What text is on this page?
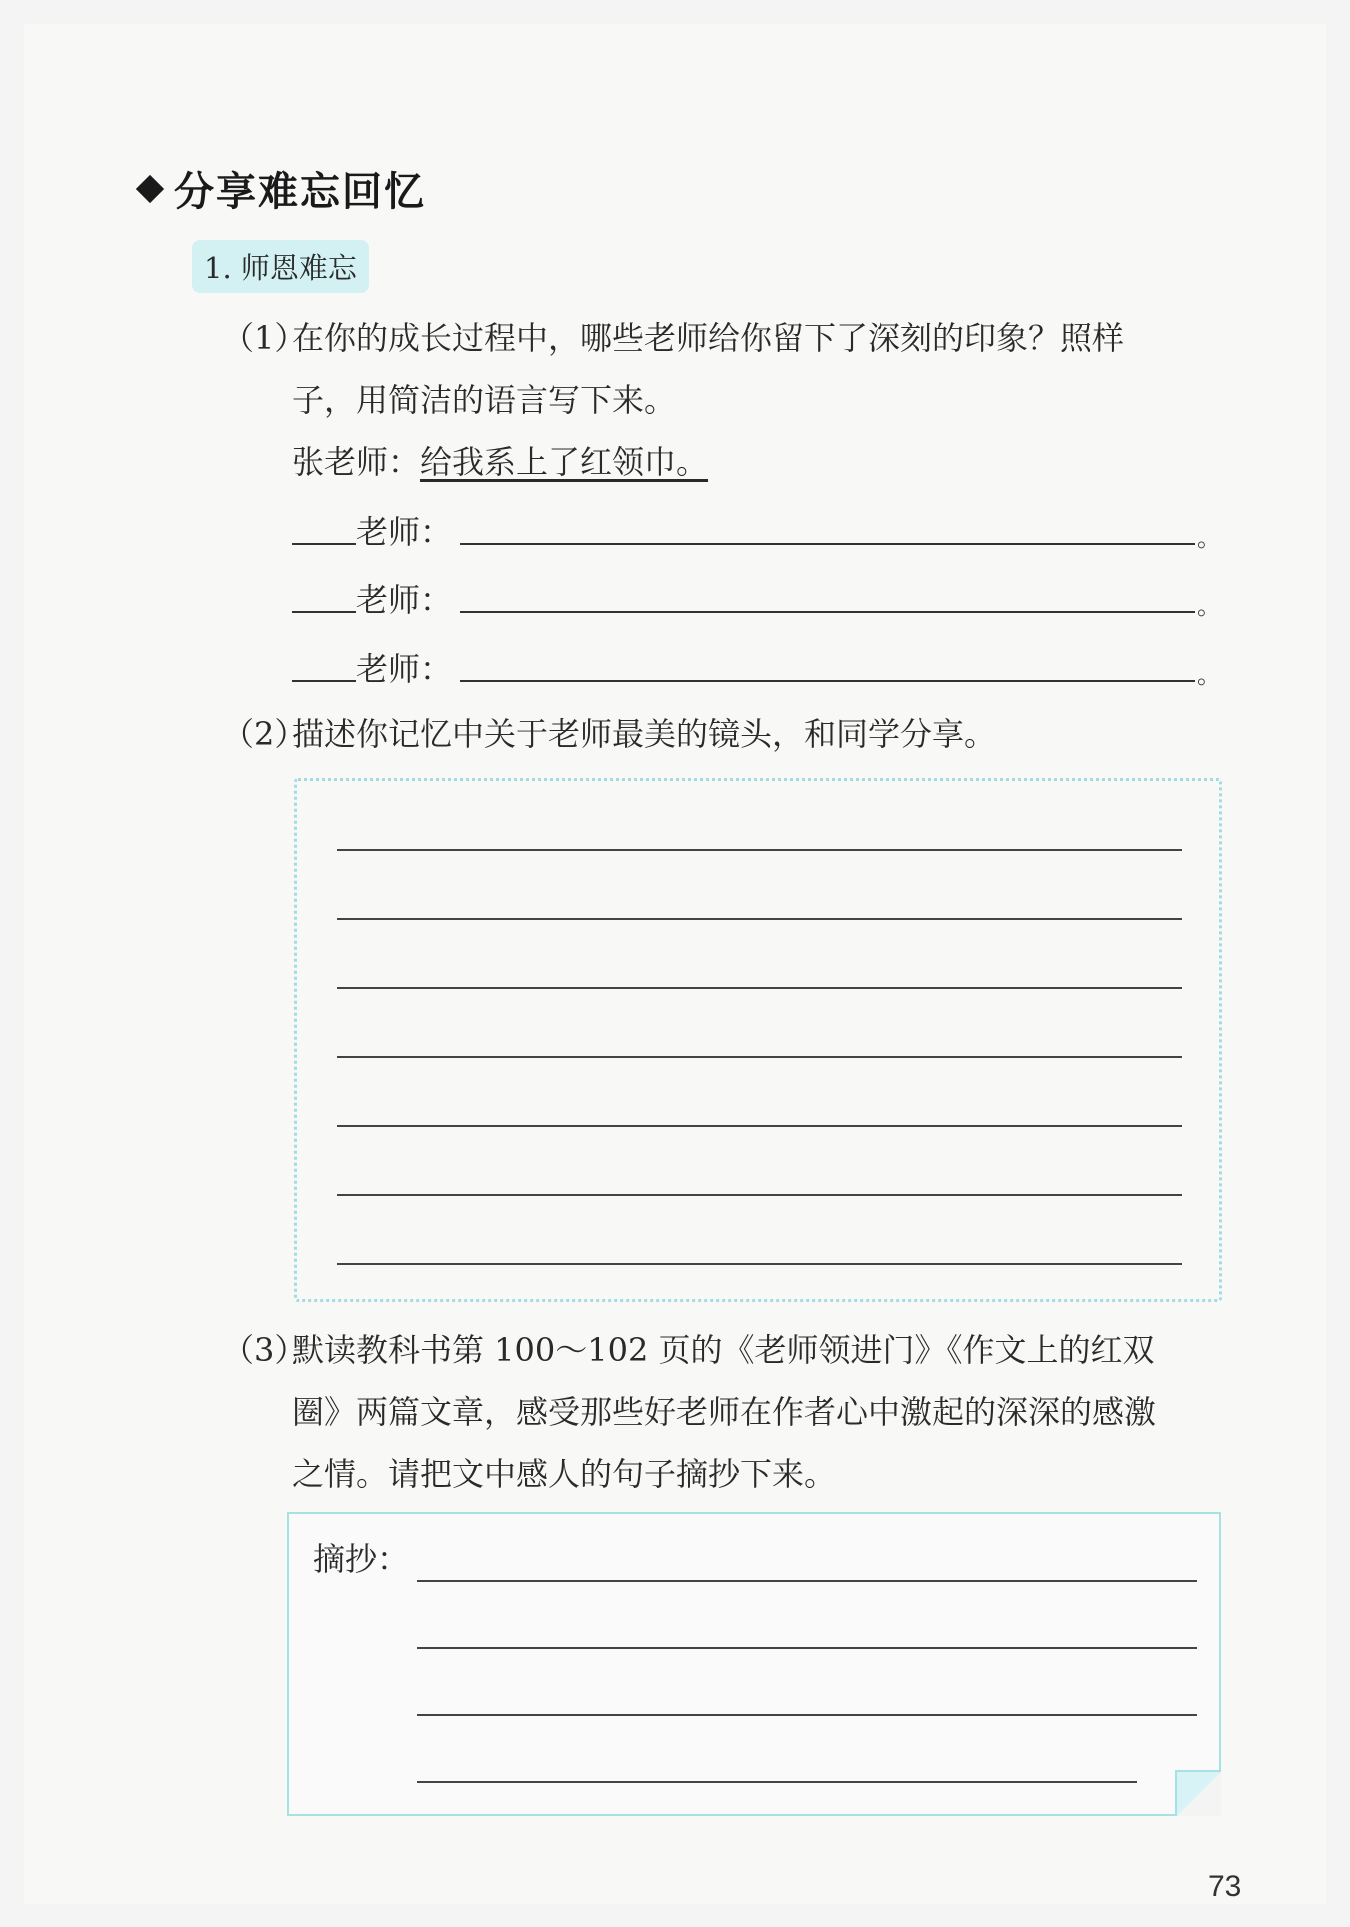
分享难忘回忆
1. 师恩难忘
（1）在你的成长过程中，哪些老师给你留下了深刻的印象？照样
子，用简洁的语言写下来。
张老师：给我系上了红领巾。
老师：	。
老师：	。
老师：	。
（2）描述你记忆中关于老师最美的镜头，和同学分享。
（3）默读教科书第 100～102 页的《老师领进门》《作文上的红双
圈》两篇文章，感受那些好老师在作者心中激起的深深的感激
之情。请把文中感人的句子摘抄下来。
摘抄：
73
